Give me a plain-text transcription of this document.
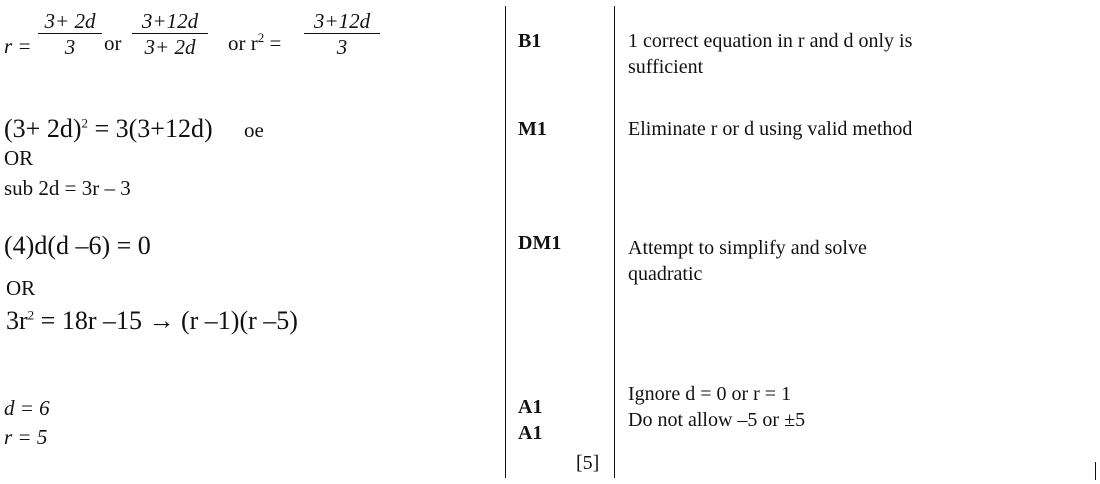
r =
3+ 2d
3	or
3+12d
3+ 2d	or $r^2$ =
3+12d
3
$(3+ 2d)^2 = 3(3+12d)$ oe
OR
sub 2d = 3r – 3
(4)d(d –6) = 0
OR
$3r^2 = 18r$ –15 → (r –1)(r –5)
d = 6
r = 5
B1
M1
DM1
A1
A1
[5]
1 correct equation in r and d only is
sufficient
Eliminate r or d using valid method
Attempt to simplify and solve
quadratic
Ignore d = 0 or r = 1
Do not allow –5 or ±5
